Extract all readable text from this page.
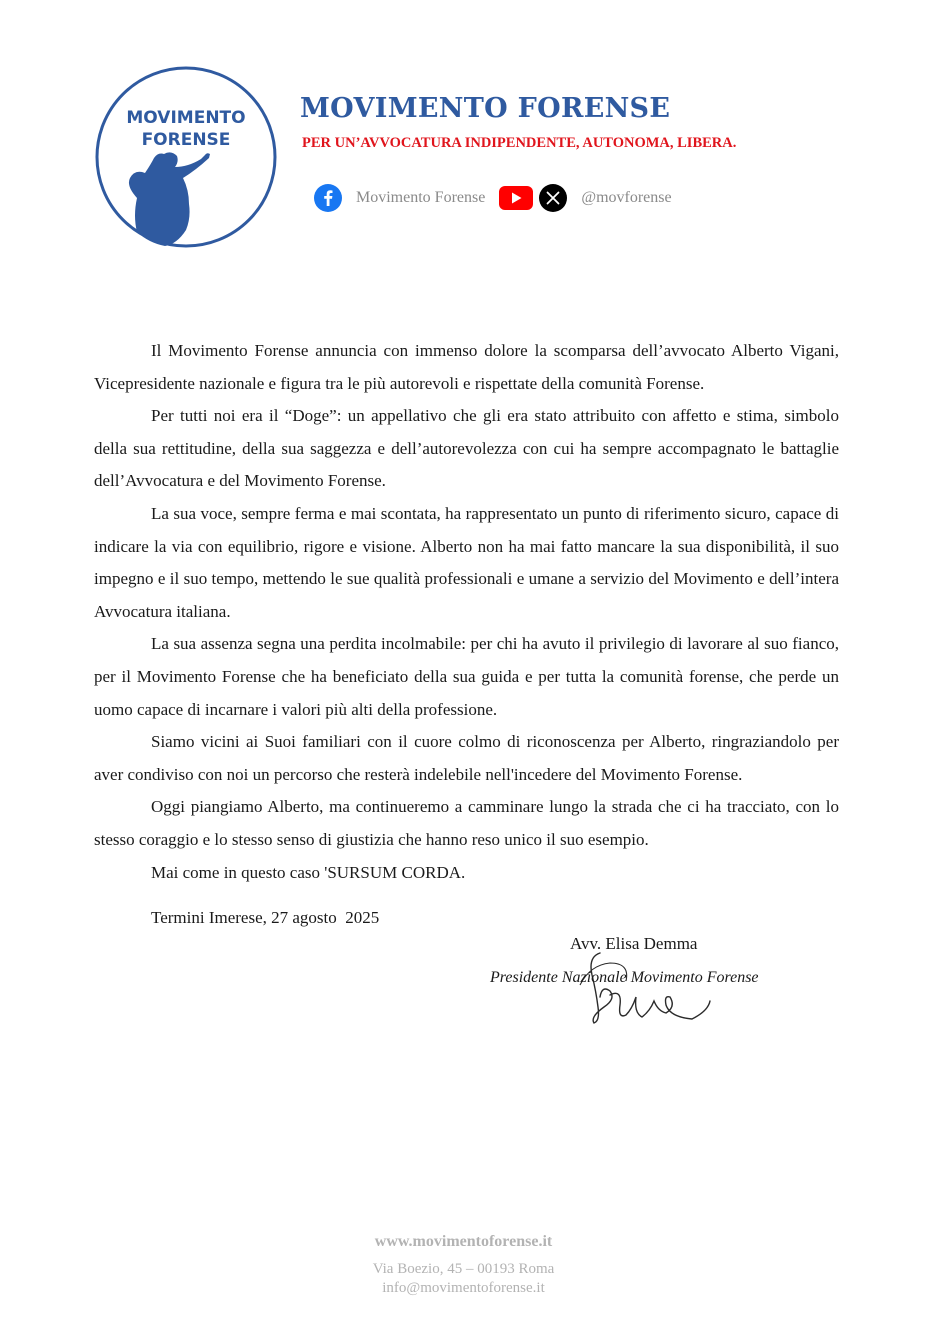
MOVIMENTO
FORENSE
MOVIMENTO FORENSE

PER UN’AVVOCATURA INDIPENDENTE, AUTONOMA, LIBERA.

Movimento Forense	@movforense

Il Movimento Forense annuncia con immenso dolore la scomparsa dell’avvocato Alberto Vigani, Vicepresidente nazionale e figura tra le più autorevoli e rispettate della comunità Forense.

Per tutti noi era il “Doge”: un appellativo che gli era stato attribuito con affetto e stima, simbolo della sua rettitudine, della sua saggezza e dell’autorevolezza con cui ha sempre accompagnato le battaglie dell’Avvocatura e del Movimento Forense.

La sua voce, sempre ferma e mai scontata, ha rappresentato un punto di riferimento sicuro, capace di indicare la via con equilibrio, rigore e visione. Alberto non ha mai fatto mancare la sua disponibilità, il suo impegno e il suo tempo, mettendo le sue qualità professionali e umane a servizio del Movimento e dell’intera Avvocatura italiana.

La sua assenza segna una perdita incolmabile: per chi ha avuto il privilegio di lavorare al suo fianco, per il Movimento Forense che ha beneficiato della sua guida e per tutta la comunità forense, che perde un uomo capace di incarnare i valori più alti della professione.

Siamo vicini ai Suoi familiari con il cuore colmo di riconoscenza per Alberto, ringraziandolo per aver condiviso con noi un percorso che resterà indelebile nell'incedere del Movimento Forense.

Oggi piangiamo Alberto, ma continueremo a camminare lungo la strada che ci ha tracciato, con lo stesso coraggio e lo stesso senso di giustizia che hanno reso unico il suo esempio.

Mai come in questo caso 'SURSUM CORDA.

Termini Imerese, 27 agosto  2025
Avv. Elisa Demma
Presidente Nazionale Movimento Forense
www.movimentoforense.it
Via Boezio, 45 – 00193 Roma
info@movimentoforense.it
